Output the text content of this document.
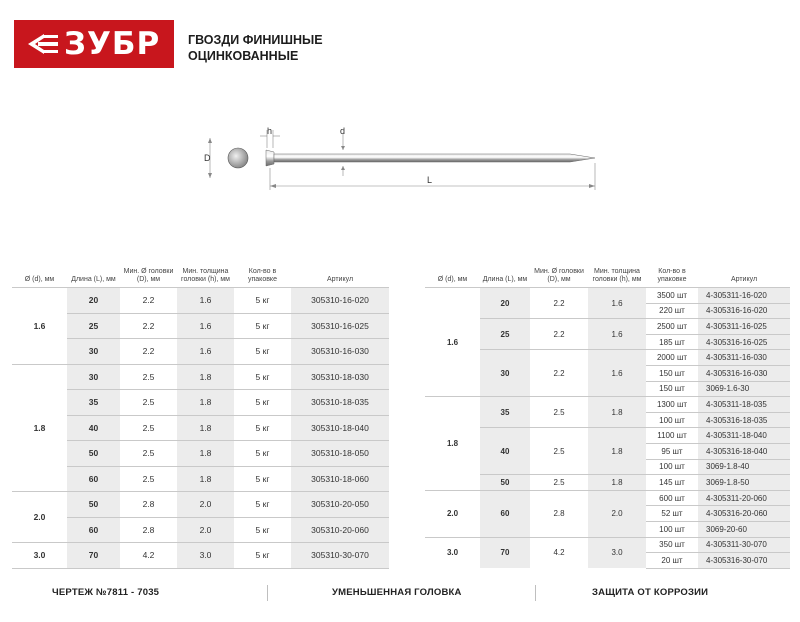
ЗУБР ГВОЗДИ ФИНИШНЫЕ
ОЦИНКОВАННЫЕ
D
h	d
L
Ø (d), мм	Длина (L), мм	Мин. Ø головки (D), мм	Мин. толщина головки (h), мм	Кол-во в упаковке	Артикул
1.6	20	2.2	1.6	5 кг	305310-16-020
	25	2.2	1.6	5 кг	305310-16-025
	30	2.2	1.6	5 кг	305310-16-030
1.8	30	2.5	1.8	5 кг	305310-18-030
	35	2.5	1.8	5 кг	305310-18-035
	40	2.5	1.8	5 кг	305310-18-040
	50	2.5	1.8	5 кг	305310-18-050
	60	2.5	1.8	5 кг	305310-18-060
2.0	50	2.8	2.0	5 кг	305310-20-050
	60	2.8	2.0	5 кг	305310-20-060
3.0	70	4.2	3.0	5 кг	305310-30-070
Ø (d), мм	Длина (L), мм	Мин. Ø головки (D), мм	Мин. толщина головки (h), мм	Кол-во в упаковке	Артикул
1.6	20	2.2	1.6	3500 шт	4-305311-16-020
				220 шт	4-305316-16-020
	25	2.2	1.6	2500 шт	4-305311-16-025
				185 шт	4-305316-16-025
	30	2.2	1.6	2000 шт	4-305311-16-030
				150 шт	4-305316-16-030
				150 шт	3069-1.6-30
1.8	35	2.5	1.8	1300 шт	4-305311-18-035
				100 шт	4-305316-18-035
	40	2.5	1.8	1100 шт	4-305311-18-040
				95 шт	4-305316-18-040
				100 шт	3069-1.8-40
	50	2.5	1.8	145 шт	3069-1.8-50
2.0	60	2.8	2.0	600 шт	4-305311-20-060
				52 шт	4-305316-20-060
				100 шт	3069-20-60
3.0	70	4.2	3.0	350 шт	4-305311-30-070
				20 шт	4-305316-30-070
ЧЕРТЕЖ №7811 - 7035	УМЕНЬШЕННАЯ ГОЛОВКА	ЗАЩИТА ОТ КОРРОЗИИ
